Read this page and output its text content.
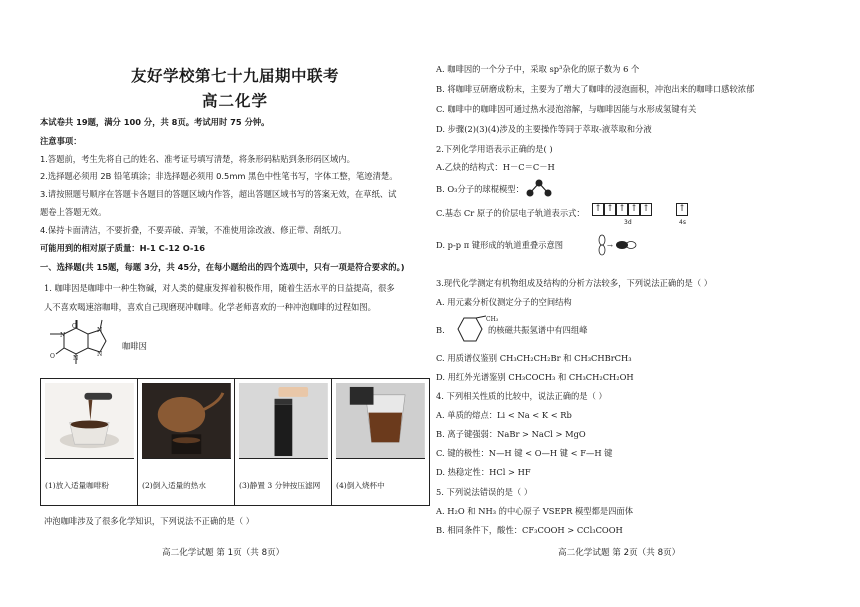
友好学校第七十九届期中联考
高二化学
本试卷共 19题，满分 100 分，共 8页。考试用时 75 分钟。
注意事项：
1.答题前，考生先将自己的姓名、准考证号填写清楚，将条形码粘贴到条形码区域内。
2.选择题必须用 2B 铅笔填涂；非选择题必须用 0.5mm 黑色中性笔书写，字体工整，笔迹清楚。
3.请按照题号顺序在答题卡各题目的答题区域内作答，超出答题区域书写的答案无效，在草纸、试
题卷上答题无效。
4.保持卡面清洁，不要折叠，不要弄破、弄皱，不准使用涂改液、修正带、刮纸刀。
可能用到的相对原子质量：H-1 C-12 O-16
一、选择题(共 15题，每题 3分，共 45分，在每小题给出的四个选项中，只有一项是符合要求的。)
1. 咖啡因是咖啡中一种生物碱，对人类的健康发挥着积极作用，随着生活水平的日益提高，很多
人不喜欢喝速溶咖啡，喜欢自己现磨现冲咖啡。化学老师喜欢的一种冲泡咖啡的过程如图。
O
O
N
N
N
N
咖啡因
(1)放入适量咖啡粉	(2)倒入适量的热水	(3)静置 3 分钟按压滤网	(4)倒入烧杯中
冲泡咖啡涉及了很多化学知识，下列说法不正确的是（ ）
高二化学试题 第 1页（共 8页）
A. 咖啡因的一个分子中，采取 sp³杂化的原子数为 6 个
B. 将咖啡豆研磨成粉末，主要为了增大了咖啡的浸泡面积，冲泡出来的咖啡口感较浓郁
C. 咖啡中的咖啡因可通过热水浸泡溶解，与咖啡因能与水形成氢键有关
D. 步骤(2)(3)(4)涉及的主要操作等同于萃取-液萃取和分液
2.下列化学用语表示正确的是( )
A.乙炔的结构式：H－C＝C－H
B. O₃分子的球棍模型：
C.基态 Cr 原子的价层电子轨道表示式： ↑ ↑ ↑ ↑ ↑	↑
3d	4s
D. p-p π 键形成的轨道重叠示意图	→
3.现代化学测定有机物组成及结构的分析方法较多，下列说法正确的是（ ）
A. 用元素分析仪测定分子的空间结构
B.
CH₃
的核磁共振氢谱中有四组峰
C. 用质谱仪鉴别 CH₃CH₂CH₂Br 和 CH₃CHBrCH₃
D. 用红外光谱鉴别 CH₃COCH₃ 和 CH₃CH₂CH₂OH
4. 下列相关性质的比较中，说法正确的是（ ）
A. 单质的熔点：Li < Na < K < Rb
B. 离子键强弱：NaBr > NaCl > MgO
C. 键的极性：N—H 键 < O—H 键 < F—H 键
D. 热稳定性：HCl > HF
5. 下列说法错误的是（ ）
A. H₂O 和 NH₃ 的中心原子 VSEPR 模型都是四面体
B. 相同条件下，酸性：CF₃COOH > CCl₃COOH
高二化学试题 第 2页（共 8页）
